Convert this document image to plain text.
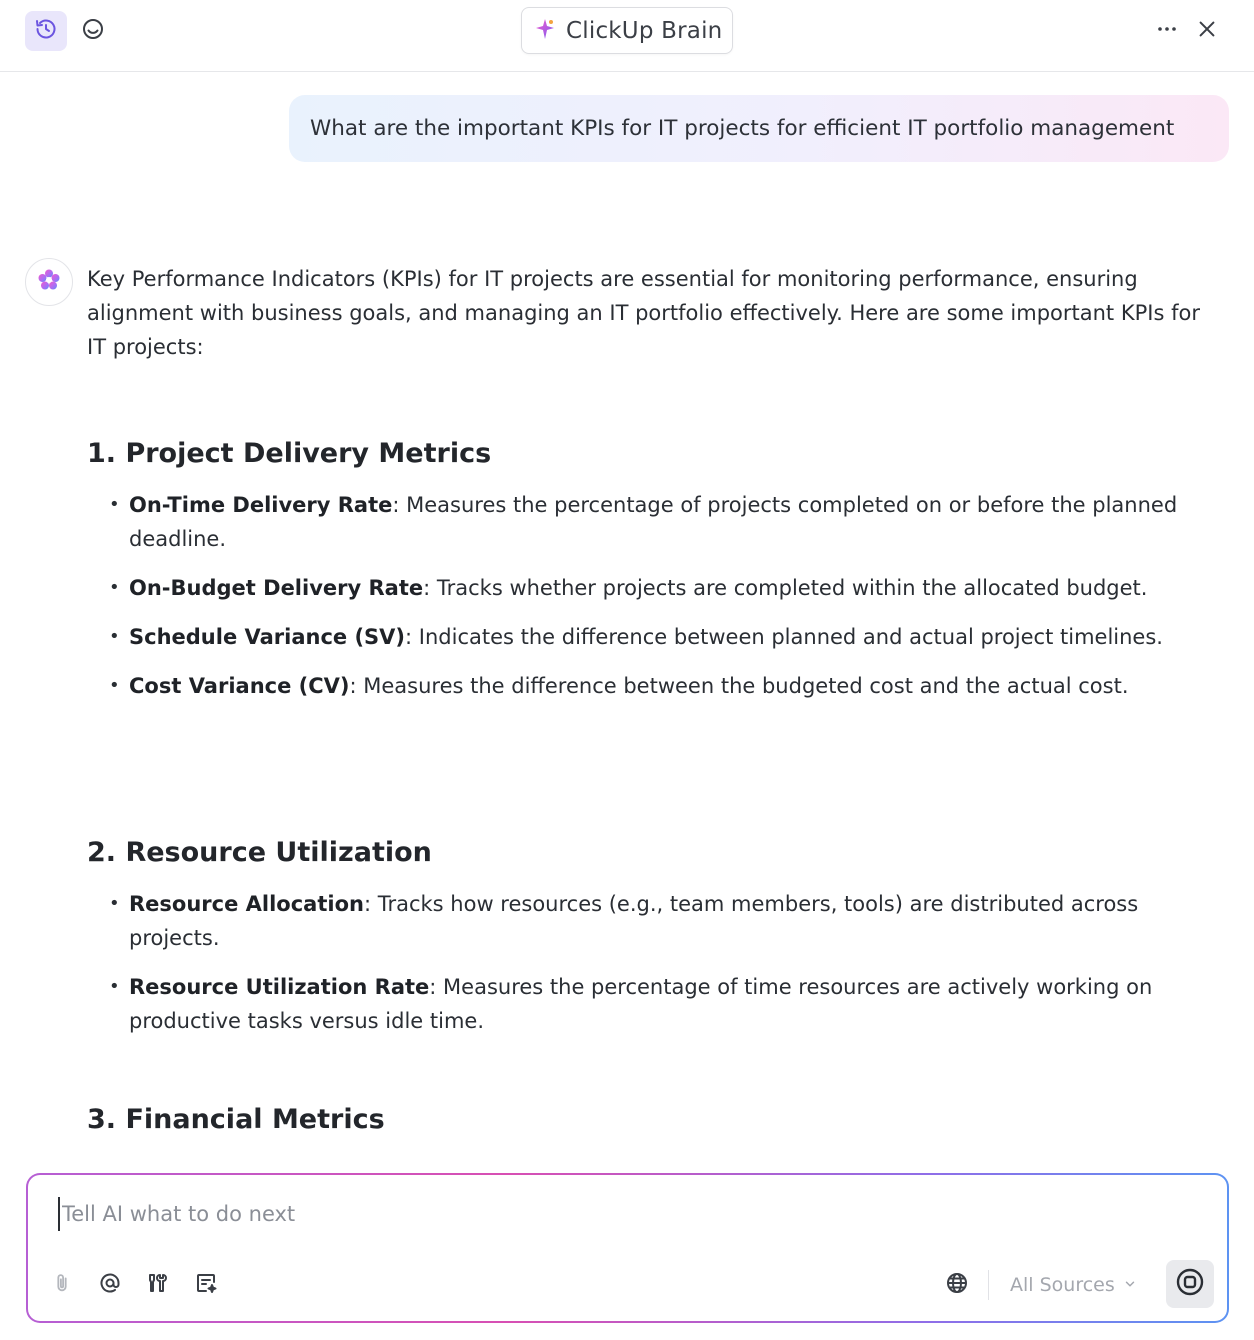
ClickUp Brain
What are the important KPIs for IT projects for efficient IT portfolio management

Key Performance Indicators (KPIs) for IT projects are essential for monitoring performance, ensuring alignment with business goals, and managing an IT portfolio effectively. Here are some important KPIs for IT projects:

1. Project Delivery Metrics
• On-Time Delivery Rate: Measures the percentage of projects completed on or before the planned deadline.
• On-Budget Delivery Rate: Tracks whether projects are completed within the allocated budget.
• Schedule Variance (SV): Indicates the difference between planned and actual project timelines.
• Cost Variance (CV): Measures the difference between the budgeted cost and the actual cost.
2. Resource Utilization
• Resource Allocation: Tracks how resources (e.g., team members, tools) are distributed across projects.
• Resource Utilization Rate: Measures the percentage of time resources are actively working on productive tasks versus idle time.
3. Financial Metrics
Tell AI what to do next
All Sources
